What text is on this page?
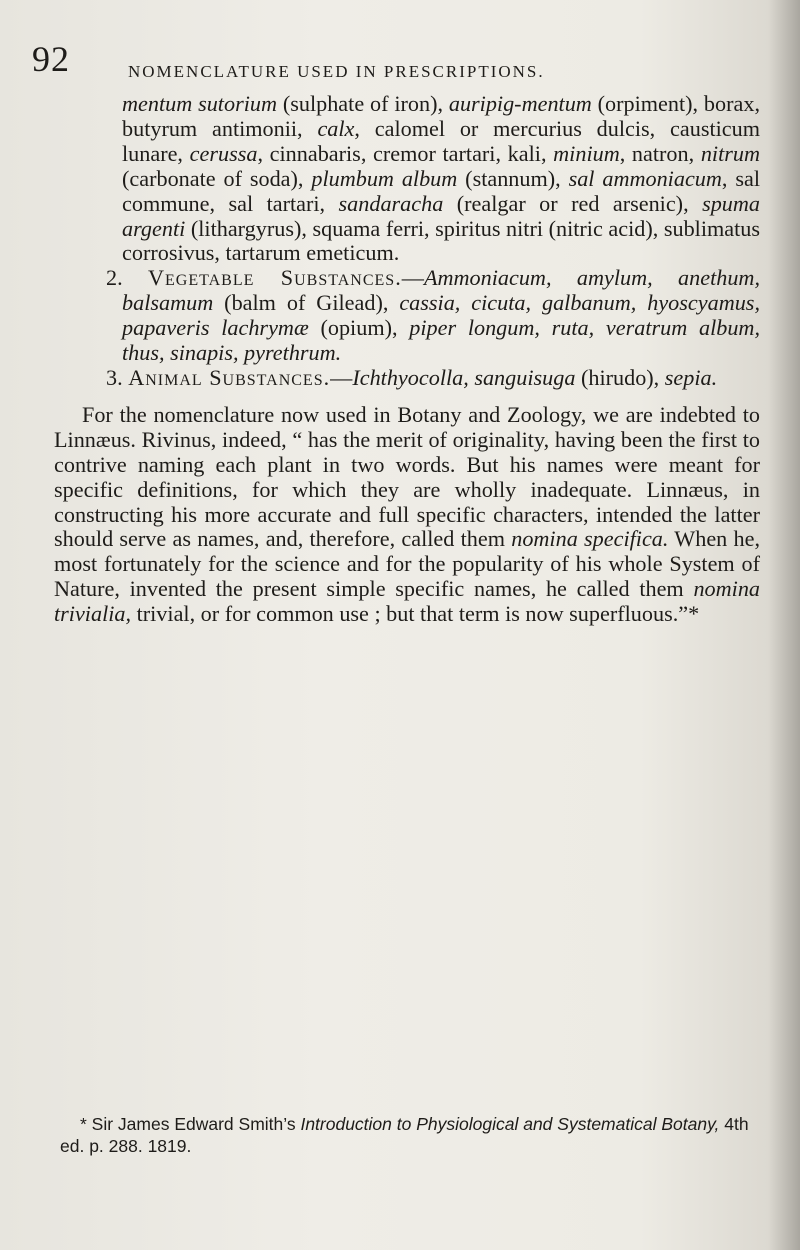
92	NOMENCLATURE USED IN PRESCRIPTIONS.

mentum sutorium (sulphate of iron), auripig-mentum (orpiment), borax, butyrum antimonii, calx, calomel or mercurius dulcis, causticum lunare, cerussa, cinnabaris, cremor tartari, kali, minium, natron, nitrum (carbonate of soda), plumbum album (stannum), sal ammoniacum, sal commune, sal tartari, sandaracha (realgar or red arsenic), spuma argenti (lithargyrus), squama ferri, spiritus nitri (nitric acid), sublimatus corrosivus, tartarum emeticum.

2. Vegetable Substances.—Ammoniacum, amylum, anethum, balsamum (balm of Gilead), cassia, cicuta, galbanum, hyoscyamus, papaveris lachrymæ (opium), piper longum, ruta, veratrum album, thus, sinapis, pyrethrum.

3. Animal Substances.—Ichthyocolla, sanguisuga (hirudo), sepia.

For the nomenclature now used in Botany and Zoology, we are indebted to Linnæus. Rivinus, indeed, “ has the merit of originality, having been the first to contrive naming each plant in two words. But his names were meant for specific definitions, for which they are wholly inadequate. Linnæus, in constructing his more accurate and full specific characters, intended the latter should serve as names, and, therefore, called them nomina specifica. When he, most fortunately for the science and for the popularity of his whole System of Nature, invented the present simple specific names, he called them nomina trivialia, trivial, or for common use ; but that term is now superfluous.”*

* Sir James Edward Smith’s Introduction to Physiological and Systematical Botany, 4th ed. p. 288. 1819.
